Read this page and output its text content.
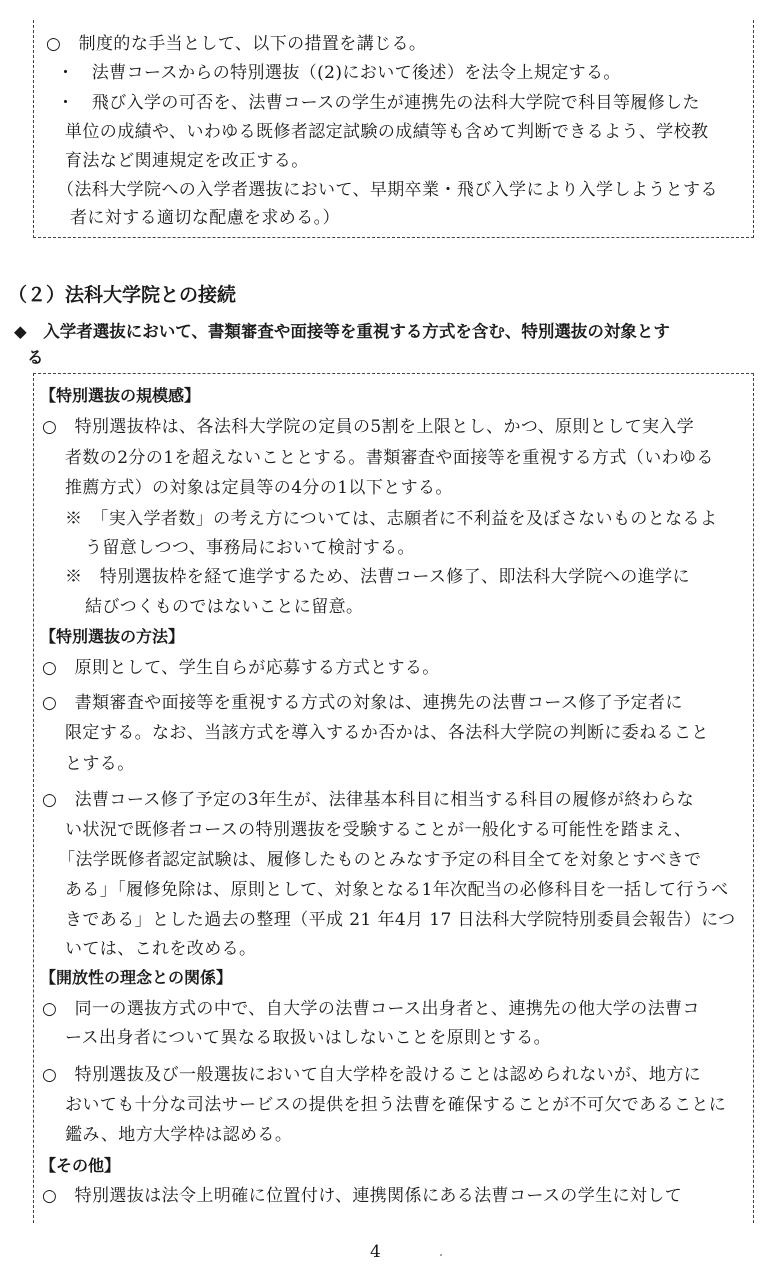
○　制度的な手当として、以下の措置を講じる。
・　法曹コースからの特別選抜（(2)において後述）を法令上規定する。
・　飛び入学の可否を、法曹コースの学生が連携先の法科大学院で科目等履修した
単位の成績や、いわゆる既修者認定試験の成績等も含めて判断できるよう、学校教
育法など関連規定を改正する。
（法科大学院への入学者選抜において、早期卒業・飛び入学により入学しようとする
者に対する適切な配慮を求める。）
（２）法科大学院との接続
◆　入学者選抜において、書類審査や面接等を重視する方式を含む、特別選抜の対象とす
る
【特別選抜の規模感】
○　特別選抜枠は、各法科大学院の定員の5割を上限とし、かつ、原則として実入学
者数の2分の1を超えないこととする。書類審査や面接等を重視する方式（いわゆる
推薦方式）の対象は定員等の4分の1以下とする。
※　「実入学者数」の考え方については、志願者に不利益を及ぼさないものとなるよ
う留意しつつ、事務局において検討する。
※　特別選抜枠を経て進学するため、法曹コース修了、即法科大学院への進学に
結びつくものではないことに留意。
【特別選抜の方法】
○　原則として、学生自らが応募する方式とする。
○　書類審査や面接等を重視する方式の対象は、連携先の法曹コース修了予定者に
限定する。なお、当該方式を導入するか否かは、各法科大学院の判断に委ねること
とする。
○　法曹コース修了予定の3年生が、法律基本科目に相当する科目の履修が終わらな
い状況で既修者コースの特別選抜を受験することが一般化する可能性を踏まえ、
「法学既修者認定試験は、履修したものとみなす予定の科目全てを対象とすべきで
ある」「履修免除は、原則として、対象となる1年次配当の必修科目を一括して行うべ
きである」とした過去の整理（平成 21 年4月 17 日法科大学院特別委員会報告）につ
いては、これを改める。
【開放性の理念との関係】
○　同一の選抜方式の中で、自大学の法曹コース出身者と、連携先の他大学の法曹コ
ース出身者について異なる取扱いはしないことを原則とする。
○　特別選抜及び一般選抜において自大学枠を設けることは認められないが、地方に
おいても十分な司法サービスの提供を担う法曹を確保することが不可欠であることに
鑑み、地方大学枠は認める。
【その他】
○　特別選抜は法令上明確に位置付け、連携関係にある法曹コースの学生に対して
4
